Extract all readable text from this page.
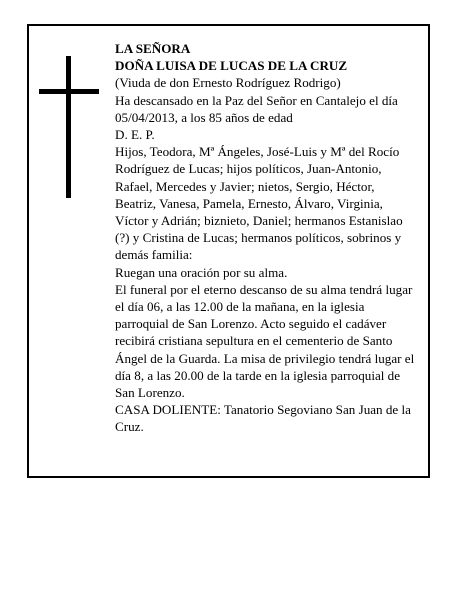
LA SEÑORA

DOÑA LUISA DE LUCAS DE LA CRUZ

(Viuda de don Ernesto Rodríguez Rodrigo)

Ha descansado en la Paz del Señor en Cantalejo el día 05/04/2013, a los 85 años de edad

D. E. P.

Hijos, Teodora, Mª Ángeles, José-Luis y Mª del Rocío Rodríguez de Lucas; hijos políticos, Juan-Antonio, Rafael, Mercedes y Javier; nietos, Sergio, Héctor, Beatriz, Vanesa, Pamela, Ernesto, Álvaro, Virginia, Víctor y Adrián; biznieto, Daniel; hermanos Estanislao (?) y Cristina de Lucas; hermanos políticos, sobrinos y demás familia:

Ruegan una oración por su alma.

El funeral por el eterno descanso de su alma tendrá lugar el día 06, a las 12.00 de la mañana, en la iglesia parroquial de San Lorenzo. Acto seguido el cadáver recibirá cristiana sepultura en el cementerio de Santo Ángel de la Guarda. La misa de privilegio tendrá lugar el día 8, a las 20.00 de la tarde en la iglesia parroquial de San Lorenzo.

CASA DOLIENTE: Tanatorio Segoviano San Juan de la Cruz.
